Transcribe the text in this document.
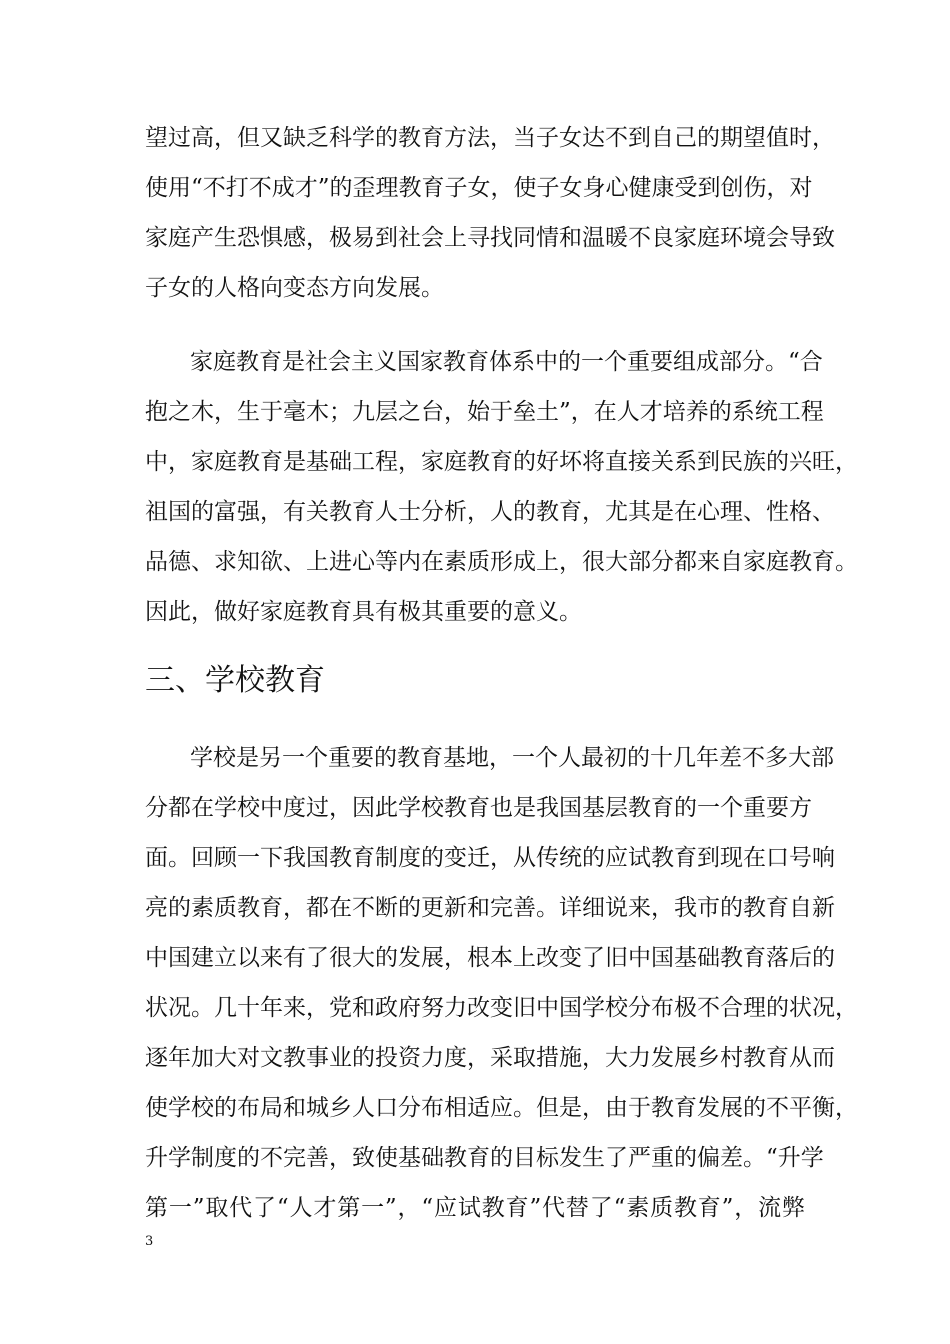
望过高，但又缺乏科学的教育方法，当子女达不到自己的期望值时，
使用“不打不成才”的歪理教育子女，使子女身心健康受到创伤，对
家庭产生恐惧感，极易到社会上寻找同情和温暖不良家庭环境会导致
子女的人格向变态方向发展。
家庭教育是社会主义国家教育体系中的一个重要组成部分。“合
抱之木，生于毫木；九层之台，始于垒土”，在人才培养的系统工程
中，家庭教育是基础工程，家庭教育的好坏将直接关系到民族的兴旺，
祖国的富强，有关教育人士分析，人的教育，尤其是在心理、性格、
品德、求知欲、上进心等内在素质形成上，很大部分都来自家庭教育。
因此，做好家庭教育具有极其重要的意义。
三、学校教育
学校是另一个重要的教育基地，一个人最初的十几年差不多大部
分都在学校中度过，因此学校教育也是我国基层教育的一个重要方
面。回顾一下我国教育制度的变迁，从传统的应试教育到现在口号响
亮的素质教育，都在不断的更新和完善。详细说来，我市的教育自新
中国建立以来有了很大的发展，根本上改变了旧中国基础教育落后的
状况。几十年来，党和政府努力改变旧中国学校分布极不合理的状况，
逐年加大对文教事业的投资力度，采取措施，大力发展乡村教育从而
使学校的布局和城乡人口分布相适应。但是，由于教育发展的不平衡，
升学制度的不完善，致使基础教育的目标发生了严重的偏差。“升学
第一”取代了“人才第一”，“应试教育”代替了“素质教育”，流弊
3
